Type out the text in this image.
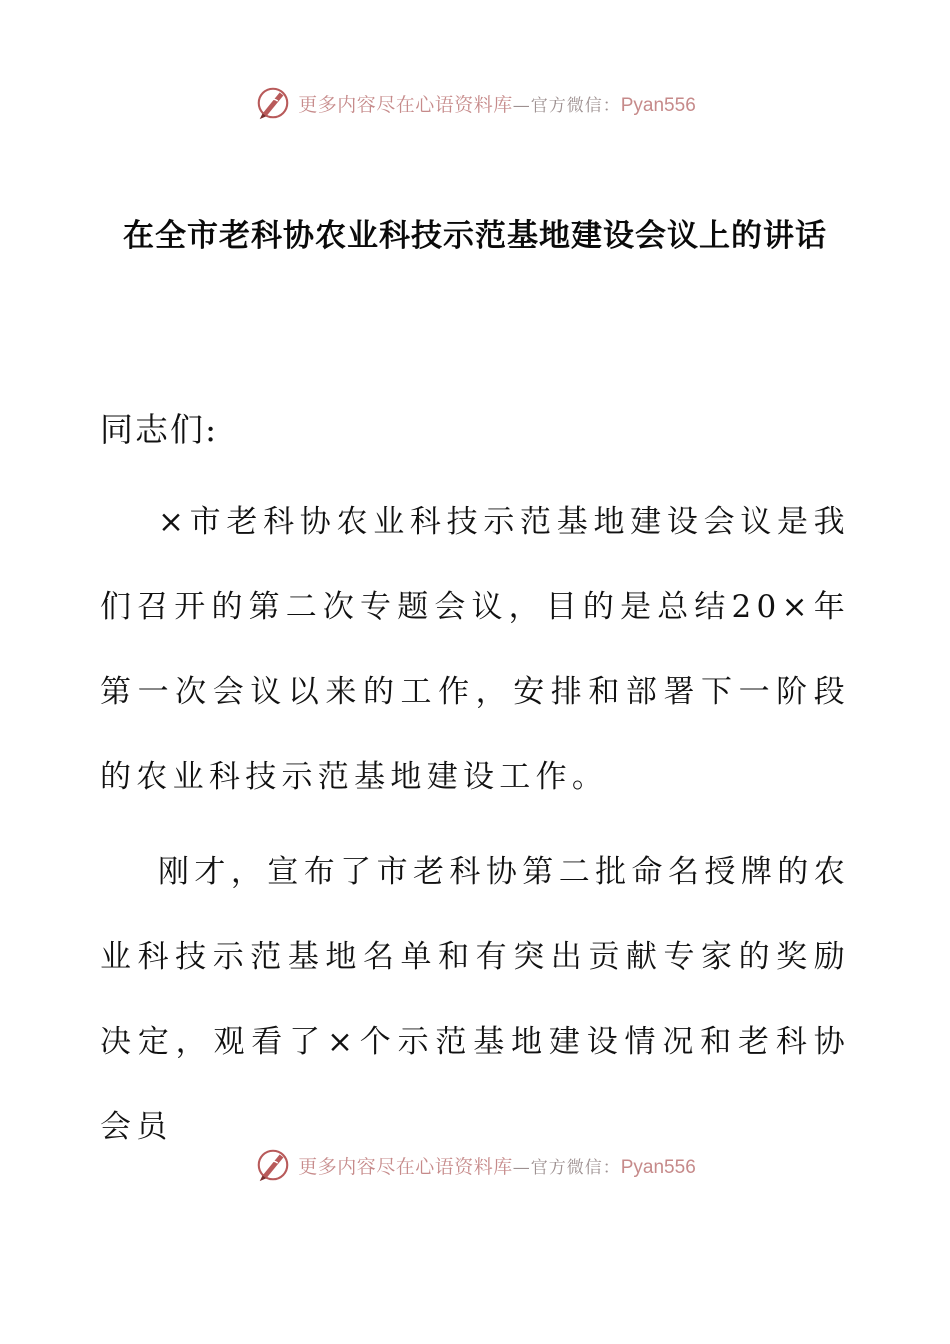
更多内容尽在心语资料库 —官方微信： Pyan556
在全市老科协农业科技示范基地建设会议上的讲话

同志们:

×市老科协农业科技示范基地建设会议是我们召开的第二次专题会议，目的是总结20×年第一次会议以来的工作，安排和部署下一阶段的农业科技示范基地建设工作。

刚才，宣布了市老科协第二批命名授牌的农业科技示范基地名单和有突出贡献专家的奖励决定，观看了×个示范基地建设情况和老科协会员

更多内容尽在心语资料库 —官方微信： Pyan556
